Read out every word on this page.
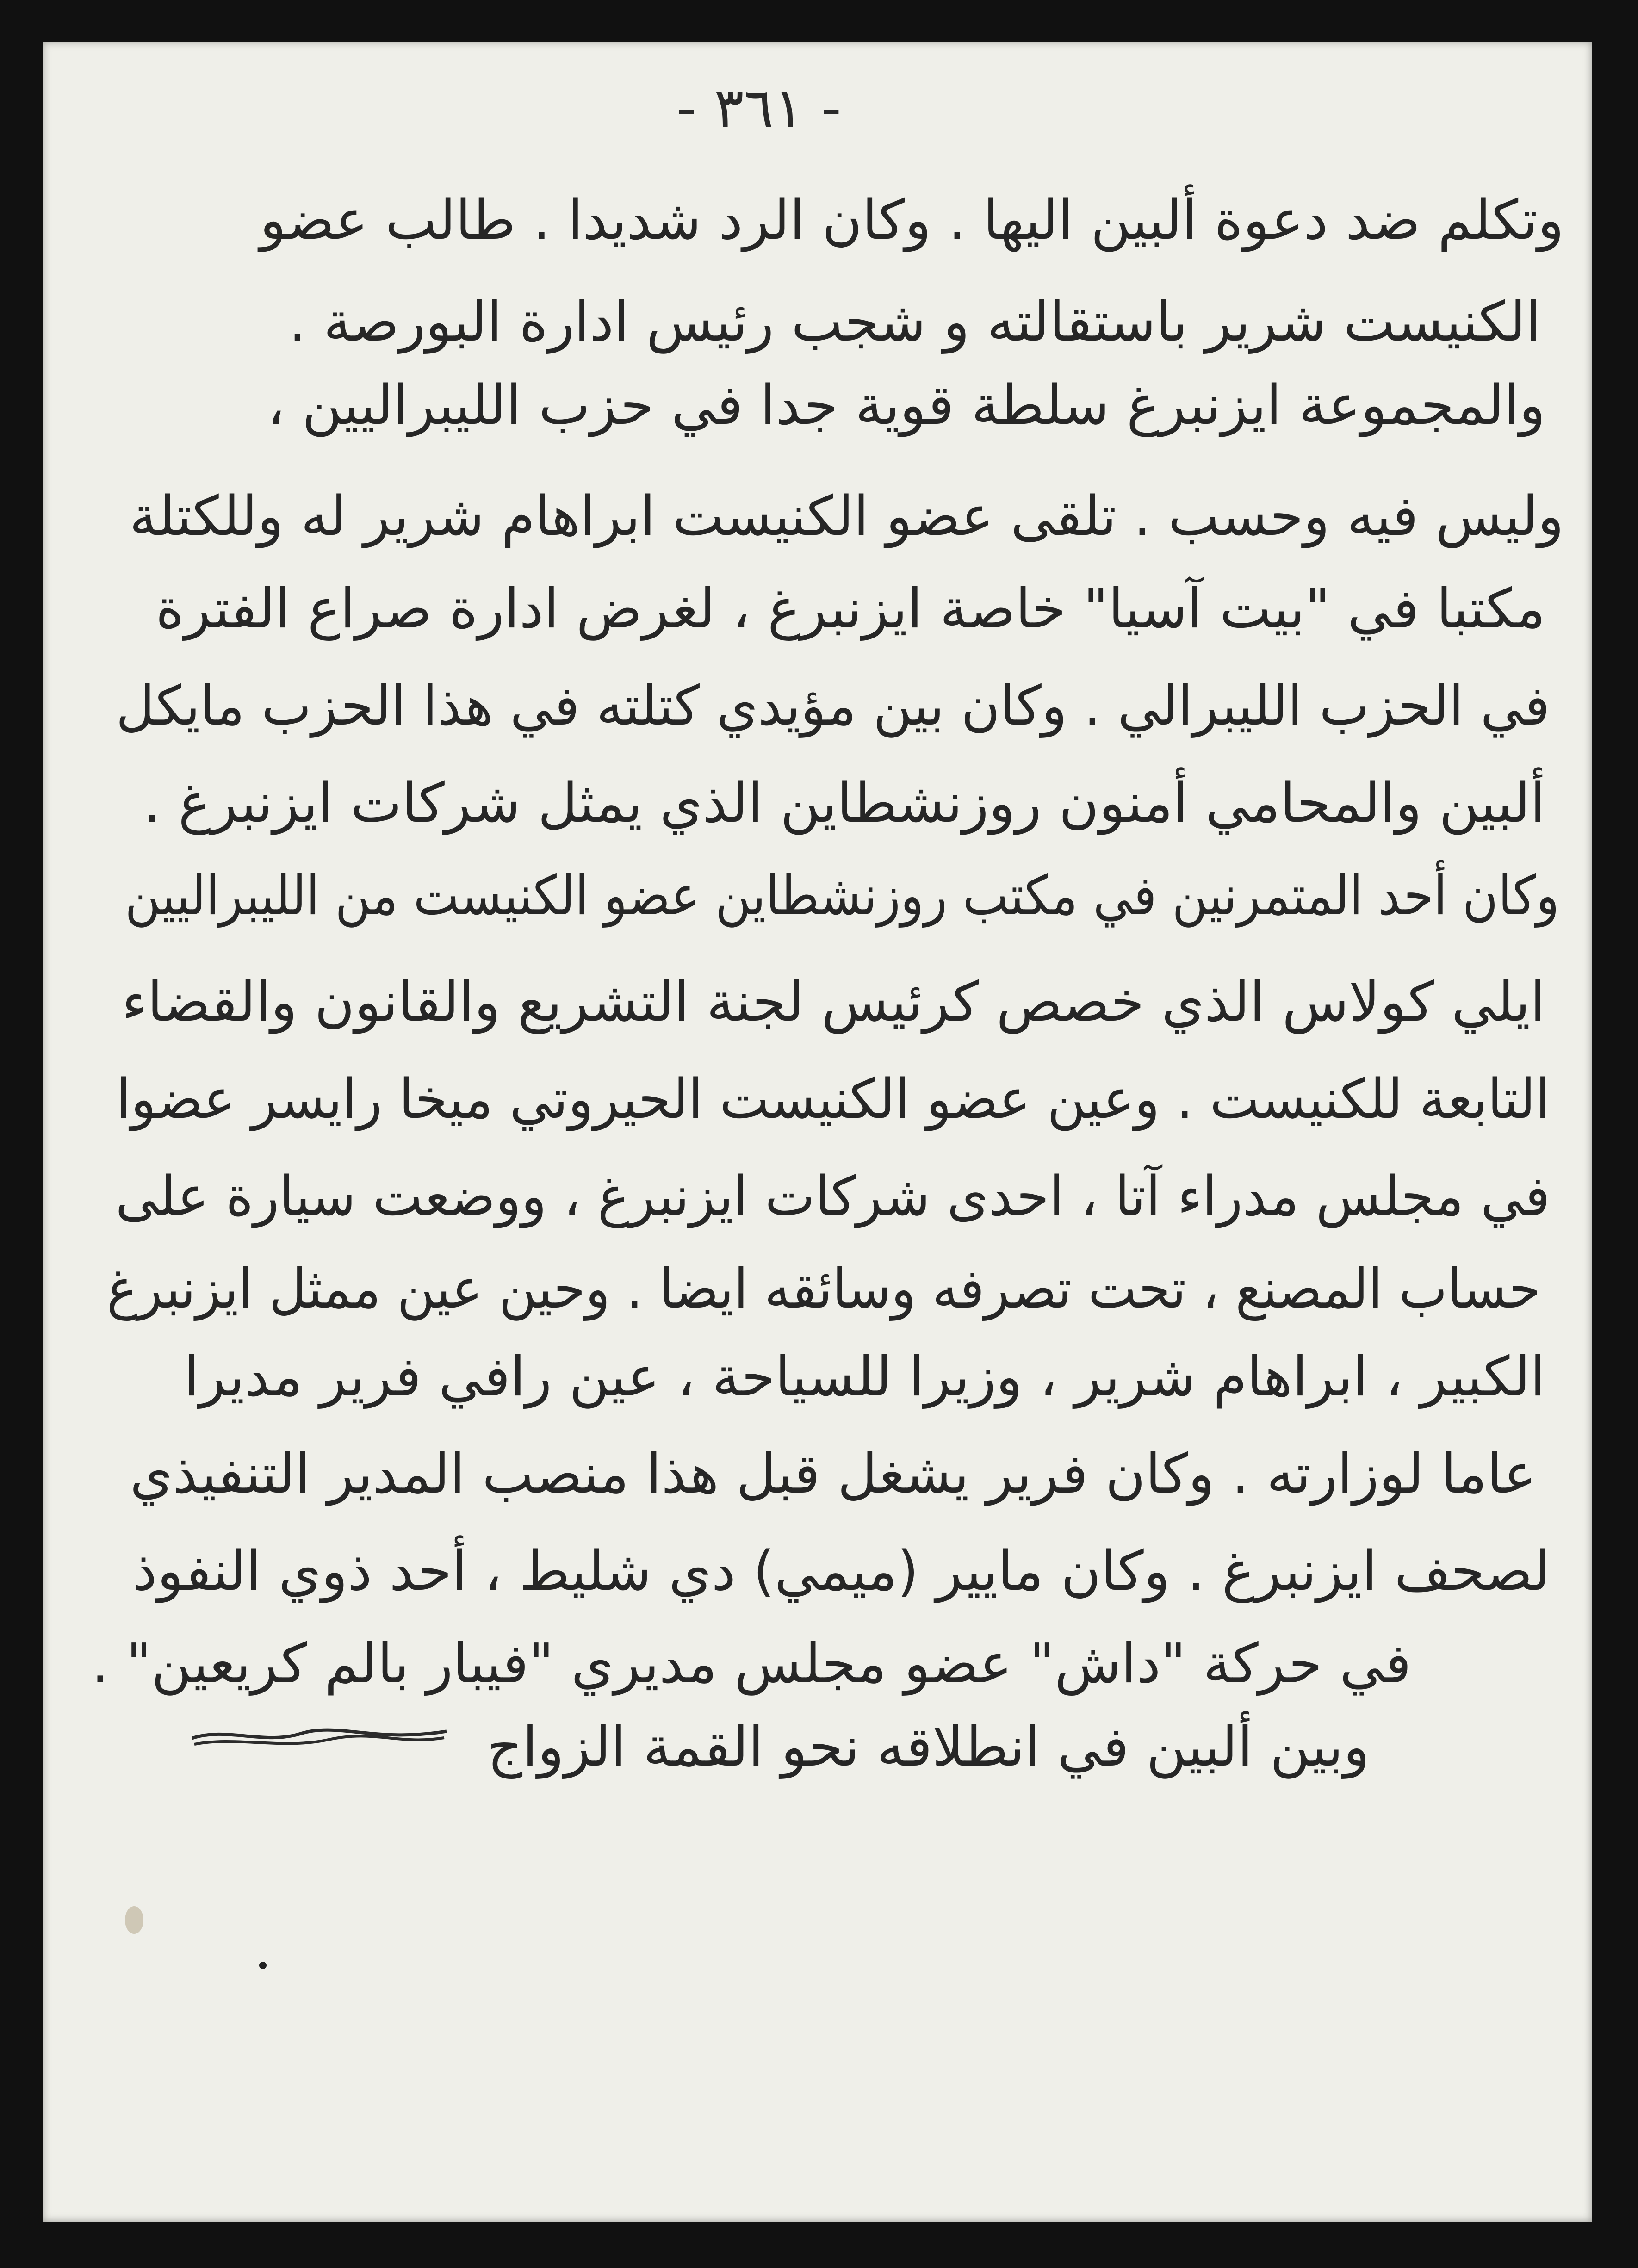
- ٣٦١ -
وتكلم ضد دعوة ألبين اليها . وكان الرد شديدا . طالب عضو
الكنيست شرير باستقالته و شجب رئيس ادارة البورصة .
والمجموعة ايزنبرغ سلطة قوية جدا في حزب الليبراليين ،
وليس فيه وحسب . تلقى عضو الكنيست ابراهام شرير له وللكتلة
مكتبا في "بيت آسيا" خاصة ايزنبرغ ، لغرض ادارة صراع الفترة
في الحزب الليبرالي . وكان بين مؤيدي كتلته في هذا الحزب مايكل
ألبين والمحامي أمنون روزنشطاين الذي يمثل شركات ايزنبرغ .
وكان أحد المتمرنين في مكتب روزنشطاين عضو الكنيست من الليبراليين
ايلي كولاس الذي خصص كرئيس لجنة التشريع والقانون والقضاء
التابعة للكنيست . وعين عضو الكنيست الحيروتي ميخا رايسر عضوا
في مجلس مدراء آتا ، احدى شركات ايزنبرغ ، ووضعت سيارة على
حساب المصنع ، تحت تصرفه وسائقه ايضا . وحين عين ممثل ايزنبرغ
الكبير ، ابراهام شرير ، وزيرا للسياحة ، عين رافي فرير مديرا
عاما لوزارته . وكان فرير يشغل قبل هذا منصب المدير التنفيذي
لصحف ايزنبرغ . وكان مايير (ميمي) دي شليط ، أحد ذوي النفوذ
في حركة "داش" عضو مجلس مديري "فيبار بالم كريعين" .
وبين ألبين في انطلاقه نحو القمة الزواج
